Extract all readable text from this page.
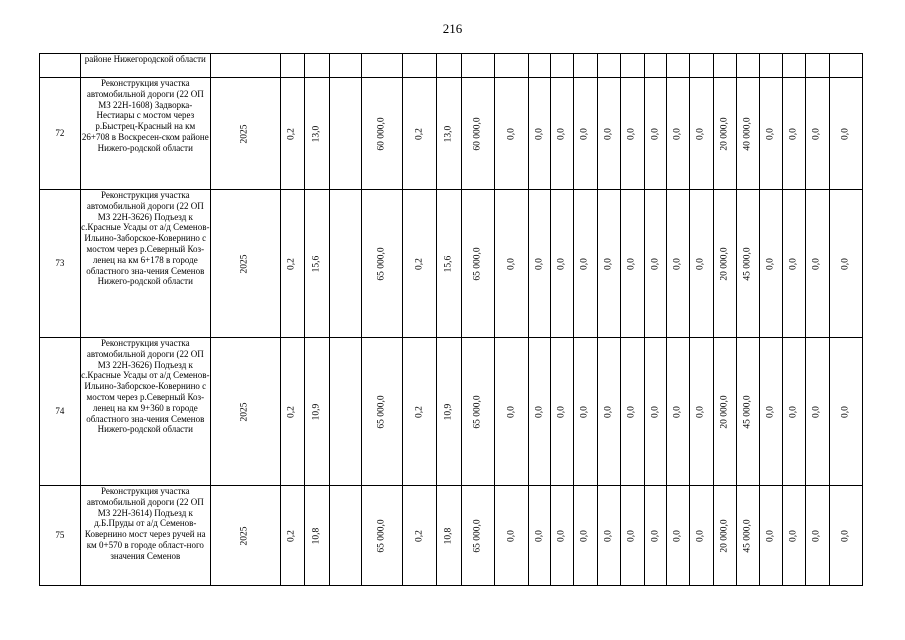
216
	районе Нижегородской области																							
72	Реконструкция участка автомобильной дороги (22 ОП МЗ 22Н-1608) Задворка-Нестиары с мостом через р.Быстрец-Красный на км 26+708 в Воскресен-ском районе Нижего-родской области	2025	0,2	13,0		60 000,0	0,2	13,0	60 000,0	0,0	0,0	0,0	0,0	0,0	0,0	0,0	0,0	0,0	20 000,0	40 000,0	0,0	0,0	0,0	0,0

73	Реконструкция участка автомобильной дороги (22 ОП МЗ 22Н-3626) Подъезд к с.Красные Усады от а/д Семенов-Ильино-Заборское-Ковернино с мостом через р.Северный Коз-ленец на км 6+178 в городе областного зна-чения Семенов Нижего-родской области	2025	0,2	15,6		65 000,0	0,2	15,6	65 000,0	0,0	0,0	0,0	0,0	0,0	0,0	0,0	0,0	0,0	20 000,0	45 000,0	0,0	0,0	0,0	0,0

74	Реконструкция участка автомобильной дороги (22 ОП МЗ 22Н-3626) Подъезд к с.Красные Усады от а/д Семенов-Ильино-Заборское-Ковернино с мостом через р.Северный Коз-ленец на км 9+360 в городе областного зна-чения Семенов Нижего-родской области	2025	0,2	10,9		65 000,0	0,2	10,9	65 000,0	0,0	0,0	0,0	0,0	0,0	0,0	0,0	0,0	0,0	20 000,0	45 000,0	0,0	0,0	0,0	0,0

75	Реконструкция участка автомобильной дороги (22 ОП МЗ 22Н-3614) Подъезд к д.Б.Пруды от а/д Семенов-Ковернино мост через ручей на км 0+570 в городе област-ного значения Семенов	2025	0,2	10,8		65 000,0	0,2	10,8	65 000,0	0,0	0,0	0,0	0,0	0,0	0,0	0,0	0,0	0,0	20 000,0	45 000,0	0,0	0,0	0,0	0,0
